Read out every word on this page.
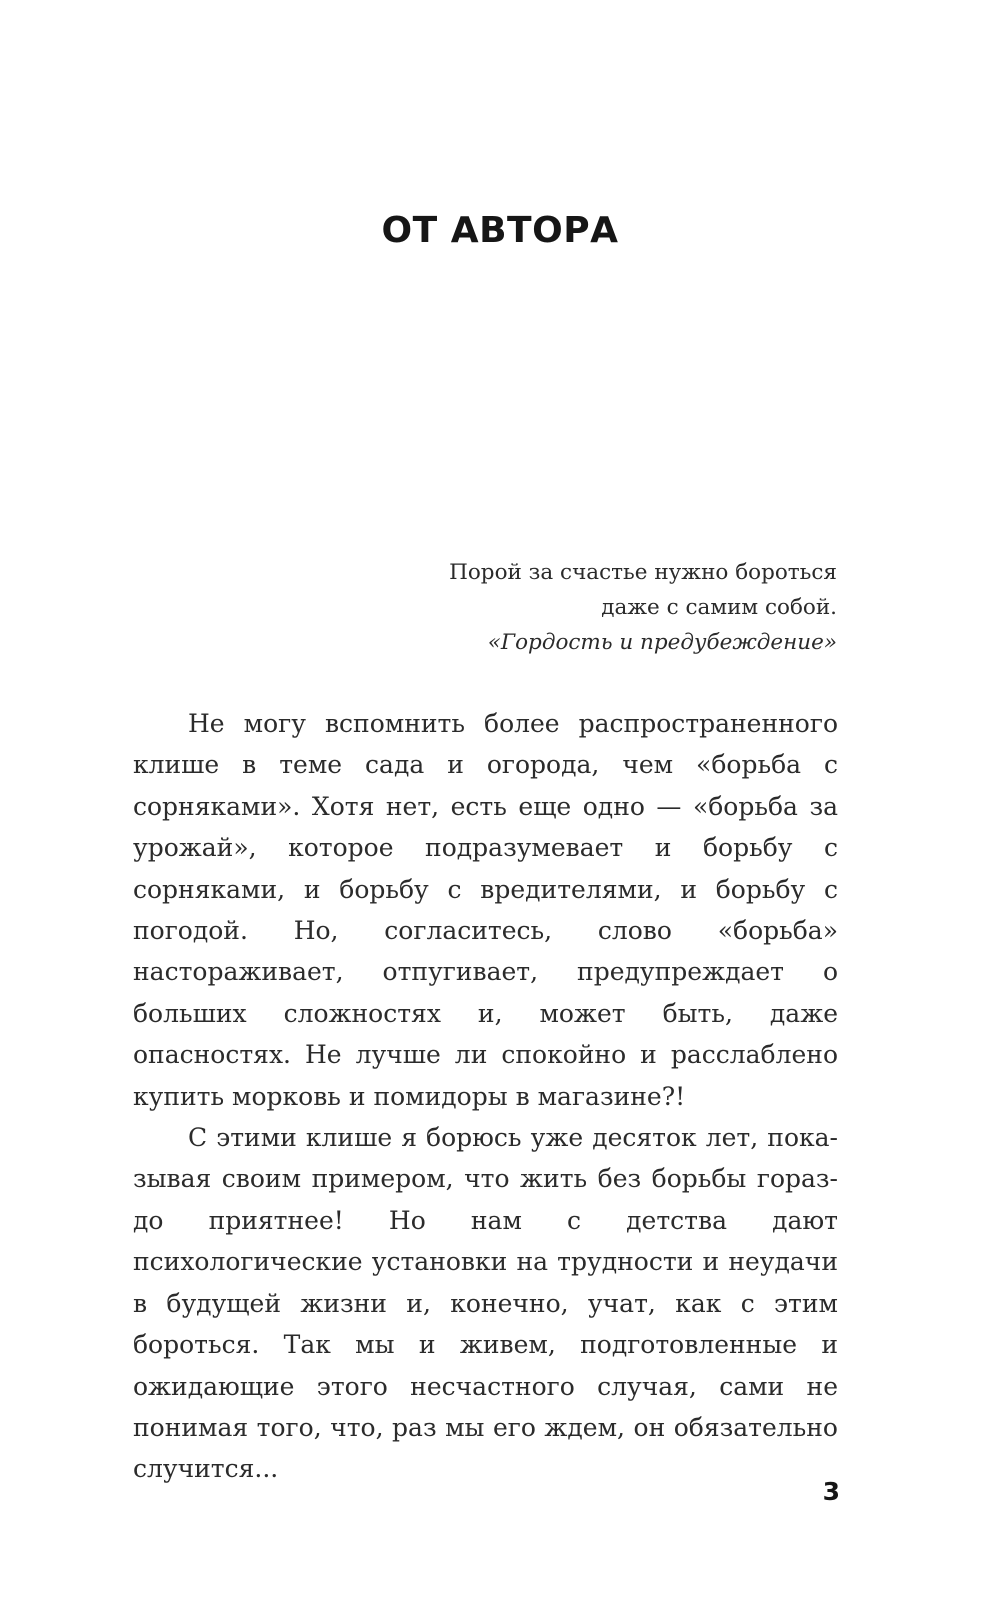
ОТ АВТОРА
Порой за счастье нужно бороться
даже с самим собой.
«Гордость и предубеждение»

Не могу вспомнить более распространенного клише в теме сада и огорода, чем «борьба с сорняками». Хотя нет, есть еще одно — «борьба за урожай», которое подразумевает и борьбу с сорняками, и борьбу с вредителями, и борьбу с погодой. Но, согласитесь, слово «борьба» настораживает, отпугивает, предупреждает о больших сложностях и, может быть, даже опасностях. Не лучше ли спокойно и расслаблено купить морковь и помидоры в магазине?!

С этими клише я борюсь уже десяток лет, показывая своим примером, что жить без борьбы гораздо приятнее! Но нам с детства дают психологические установки на трудности и неудачи в будущей жизни и, конечно, учат, как с этим бороться. Так мы и живем, подготовленные и ожидающие этого несчастного случая, сами не понимая того, что, раз мы его ждем, он обязательно случится...

3
